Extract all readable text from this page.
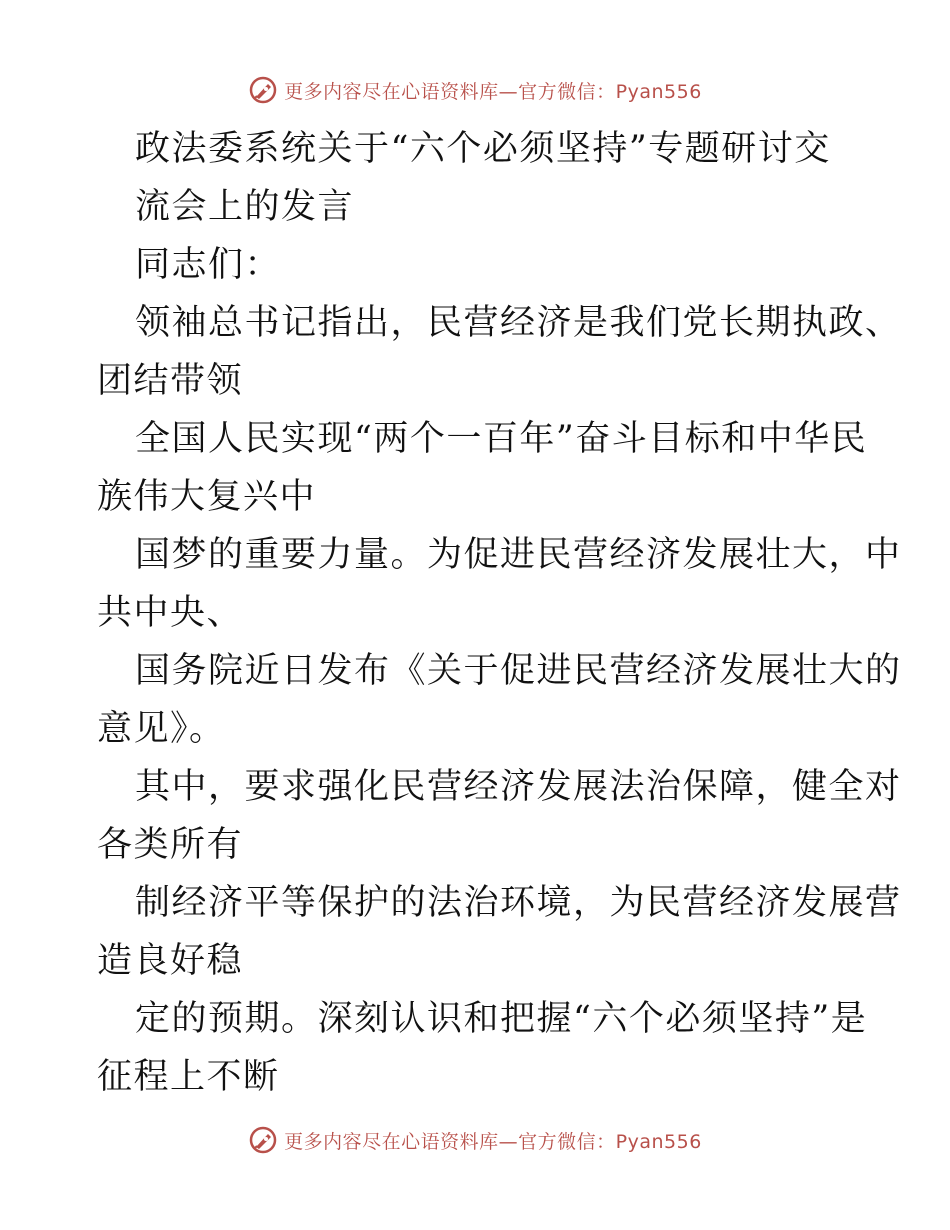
更多内容尽在心语资料库—官方微信：Pyan556
政法委系统关于“六个必须坚持”专题研讨交
流会上的发言
同志们：
领袖总书记指出，民营经济是我们党长期执政、
团结带领
全国人民实现“两个一百年”奋斗目标和中华民
族伟大复兴中
国梦的重要力量。为促进民营经济发展壮大，中
共中央、
国务院近日发布《关于促进民营经济发展壮大的
意见》。
其中，要求强化民营经济发展法治保障，健全对
各类所有
制经济平等保护的法治环境，为民营经济发展营
造良好稳
定的预期。深刻认识和把握“六个必须坚持”是
征程上不断
更多内容尽在心语资料库—官方微信：Pyan556
